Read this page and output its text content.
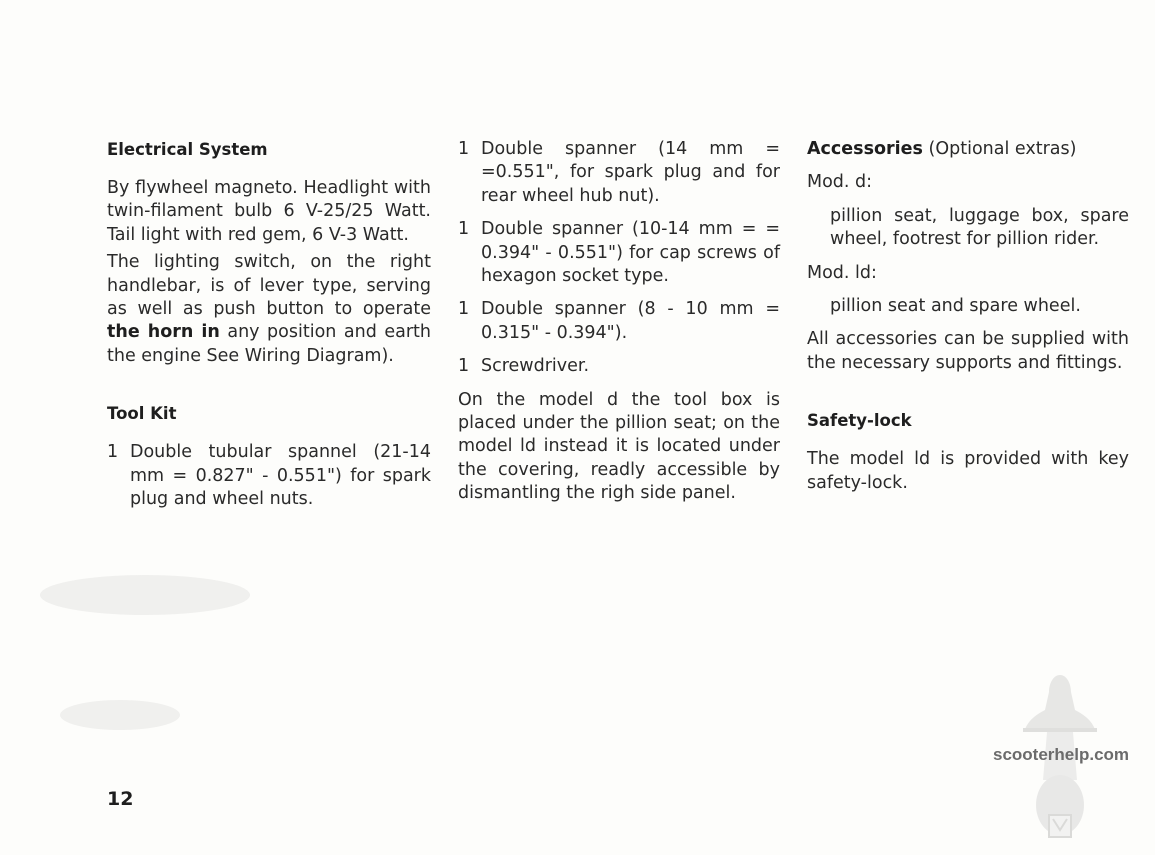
Electrical System

By flywheel magneto. Headlight with twin-filament bulb 6 V-25/25 Watt. Tail light with red gem, 6 V-3 Watt.

The lighting switch, on the right handlebar, is of lever type, serving as well as push button to operate the horn in any position and earth the engine See Wiring Diagram).

Tool Kit
1 Double tubular spannel (21-14 mm = 0.827" - 0.551") for spark plug and wheel nuts.
1 Double spanner (14 mm = =0.551", for spark plug and for rear wheel hub nut).
1 Double spanner (10-14 mm = = 0.394" - 0.551") for cap screws of hexagon socket type.
1 Double spanner (8 - 10 mm = 0.315" - 0.394").
1 Screwdriver.

On the model d the tool box is placed under the pillion seat; on the model ld instead it is located under the covering, readly accessible by dismantling the righ side panel.

Accessories (Optional extras)

Mod. d:

pillion seat, luggage box, spare wheel, footrest for pillion rider.

Mod. ld:

pillion seat and spare wheel.

All accessories can be supplied with the necessary supports and fittings.

Safety-lock

The model ld is provided with key safety-lock.

12
scooterhelp.com
